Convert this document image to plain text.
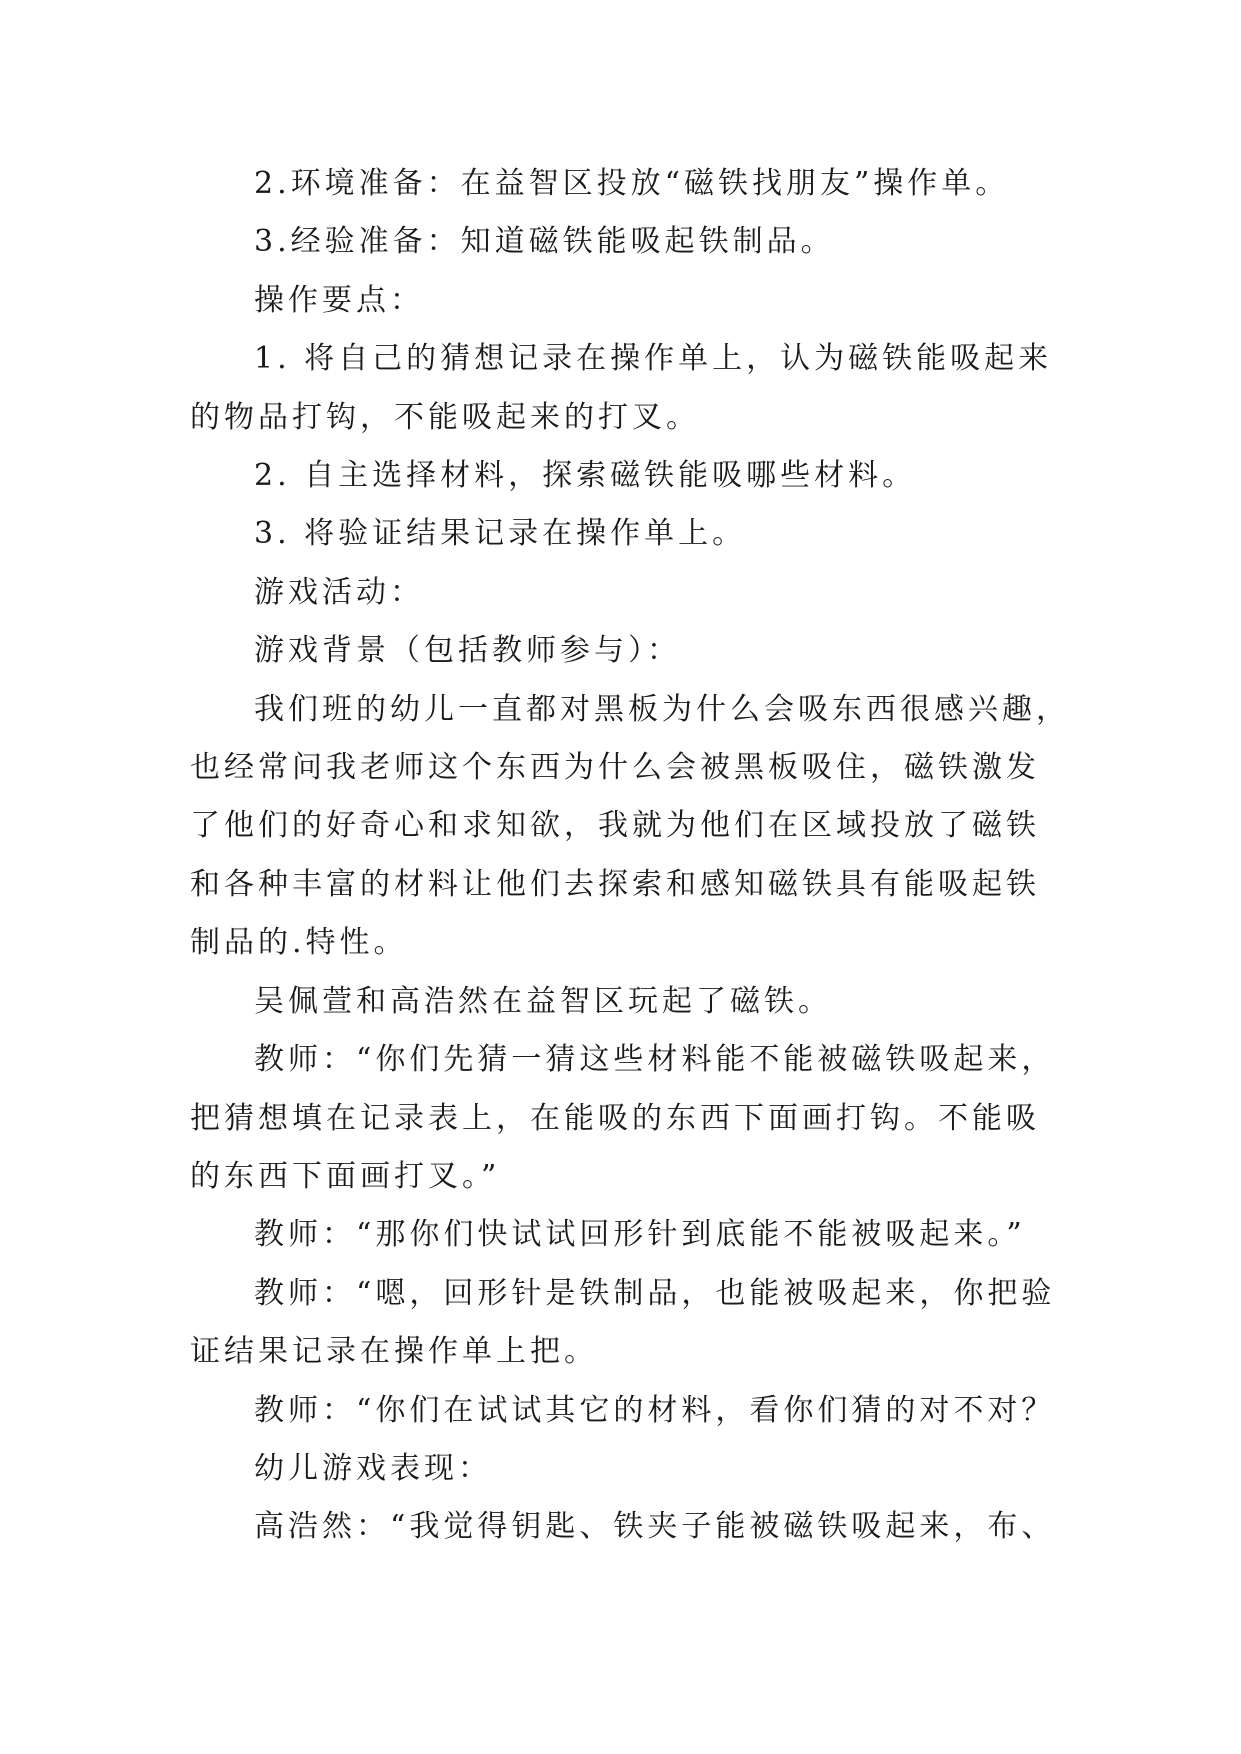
2.环境准备：在益智区投放“磁铁找朋友”操作单。

3.经验准备：知道磁铁能吸起铁制品。

操作要点：

1. 将自己的猜想记录在操作单上，认为磁铁能吸起来的物品打钩，不能吸起来的打叉。

2. 自主选择材料，探索磁铁能吸哪些材料。

3. 将验证结果记录在操作单上。

游戏活动：

游戏背景（包括教师参与）：

我们班的幼儿一直都对黑板为什么会吸东西很感兴趣，也经常问我老师这个东西为什么会被黑板吸住，磁铁激发了他们的好奇心和求知欲，我就为他们在区域投放了磁铁和各种丰富的材料让他们去探索和感知磁铁具有能吸起铁制品的.特性。

吴佩萱和高浩然在益智区玩起了磁铁。

教师：“你们先猜一猜这些材料能不能被磁铁吸起来，把猜想填在记录表上，在能吸的东西下面画打钩。不能吸的东西下面画打叉。”

教师：“那你们快试试回形针到底能不能被吸起来。”

教师：“嗯，回形针是铁制品，也能被吸起来，你把验证结果记录在操作单上把。

教师：“你们在试试其它的材料，看你们猜的对不对？

幼儿游戏表现：

高浩然：“我觉得钥匙、铁夹子能被磁铁吸起来，布、
